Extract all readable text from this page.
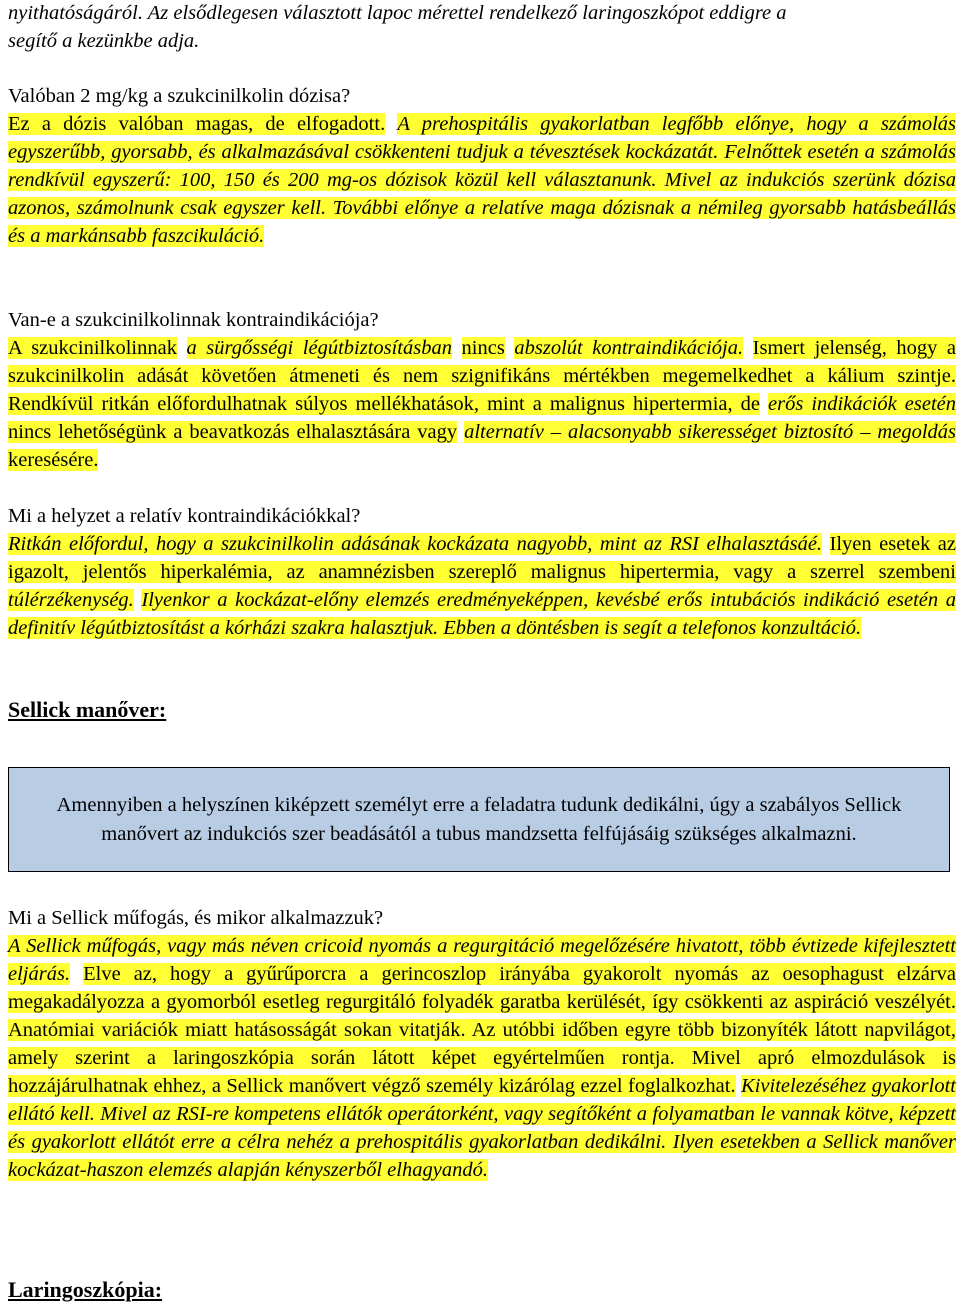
nyithatóságáról. Az elsődlegesen választott lapoc mérettel rendelkező laringoszkópot eddigre a
segítő a kezünkbe adja.

Valóban 2 mg/kg a szukcinilkolin dózisa?
Ez a dózis valóban magas, de elfogadott. A prehospitális gyakorlatban legfőbb előnye, hogy a számolás egyszerűbb, gyorsabb, és alkalmazásával csökkenteni tudjuk a tévesztések kockázatát. Felnőttek esetén a számolás rendkívül egyszerű: 100, 150 és 200 mg-os dózisok közül kell választanunk. Mivel az indukciós szerünk dózisa azonos, számolnunk csak egyszer kell. További előnye a relatíve maga dózisnak a némileg gyorsabb hatásbeállás és a markánsabb faszcikuláció.

Van-e a szukcinilkolinnak kontraindikációja?
A szukcinilkolinnak a sürgősségi légútbiztosításban nincs abszolút kontraindikációja. Ismert jelenség, hogy a szukcinilkolin adását követően átmeneti és nem szignifikáns mértékben megemelkedhet a kálium szintje. Rendkívül ritkán előfordulhatnak súlyos mellékhatások, mint a malignus hipertermia, de erős indikációk esetén nincs lehetőségünk a beavatkozás elhalasztására vagy alternatív – alacsonyabb sikerességet biztosító – megoldás keresésére.

Mi a helyzet a relatív kontraindikációkkal?
Ritkán előfordul, hogy a szukcinilkolin adásának kockázata nagyobb, mint az RSI elhalasztásáé. Ilyen esetek az igazolt, jelentős hiperkalémia, az anamnézisben szereplő malignus hipertermia, vagy a szerrel szembeni túlérzékenység. Ilyenkor a kockázat-előny elemzés eredményeképpen, kevésbé erős intubációs indikáció esetén a definitív légútbiztosítást a kórházi szakra halasztjuk. Ebben a döntésben is segít a telefonos konzultáció.

Sellick manőver:
Amennyiben a helyszínen kiképzett személyt erre a feladatra tudunk dedikálni, úgy a szabályos Sellick manővert az indukciós szer beadásától a tubus mandzsetta felfújásáig szükséges alkalmazni.

Mi a Sellick műfogás, és mikor alkalmazzuk?
A Sellick műfogás, vagy más néven cricoid nyomás a regurgitáció megelőzésére hivatott, több évtizede kifejlesztett eljárás. Elve az, hogy a gyűrűporcra a gerincoszlop irányába gyakorolt nyomás az oesophagust elzárva megakadályozza a gyomorból esetleg regurgitáló folyadék garatba kerülését, így csökkenti az aspiráció veszélyét. Anatómiai variációk miatt hatásosságát sokan vitatják. Az utóbbi időben egyre több bizonyíték látott napvilágot, amely szerint a laringoszkópia során látott képet egyértelműen rontja. Mivel apró elmozdulások is hozzájárulhatnak ehhez, a Sellick manővert végző személy kizárólag ezzel foglalkozhat. Kivitelezéséhez gyakorlott ellátó kell. Mivel az RSI-re kompetens ellátók operátorként, vagy segítőként a folyamatban le vannak kötve, képzett és gyakorlott ellátót erre a célra nehéz a prehospitális gyakorlatban dedikálni. Ilyen esetekben a Sellick manőver kockázat-haszon elemzés alapján kényszerből elhagyandó.

Laringoszkópia:
